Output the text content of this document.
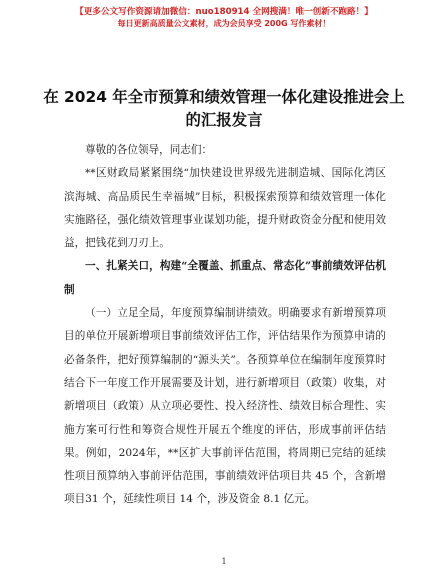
【更多公文写作资源请加微信：nuo180914 全网搜满！唯一创新不跑路！】
每日更新高质量公文素材，成为会员享受 200G 写作素材！
在 2024 年全市预算和绩效管理一体化建设推进会上的汇报发言

尊敬的各位领导，同志们：

**区财政局紧紧围绕“加快建设世界级先进制造城、国际化湾区滨海城、高品质民生幸福城”目标，积极探索预算和绩效管理一体化实施路径，强化绩效管理事业谋划功能，提升财政资金分配和使用效益，把钱花到刀刃上。

一、扎紧关口，构建“全覆盖、抓重点、常态化”事前绩效评估机制

（一）立足全局，年度预算编制讲绩效。明确要求有新增预算项目的单位开展新增项目事前绩效评估工作，评估结果作为预算申请的必备条件，把好预算编制的“源头关”。各预算单位在编制年度预算时结合下一年度工作开展需要及计划，进行新增项目（政策）收集，对新增项目（政策）从立项必要性、投入经济性、绩效目标合理性、实施方案可行性和筹资合规性开展五个维度的评估，形成事前评估结果。例如，2024年，**区扩大事前评估范围，将周期已完结的延续性项目预算纳入事前评估范围，事前绩效评估项目共 45 个，含新增项目31 个，延续性项目 14 个，涉及资金 8.1 亿元。

1
